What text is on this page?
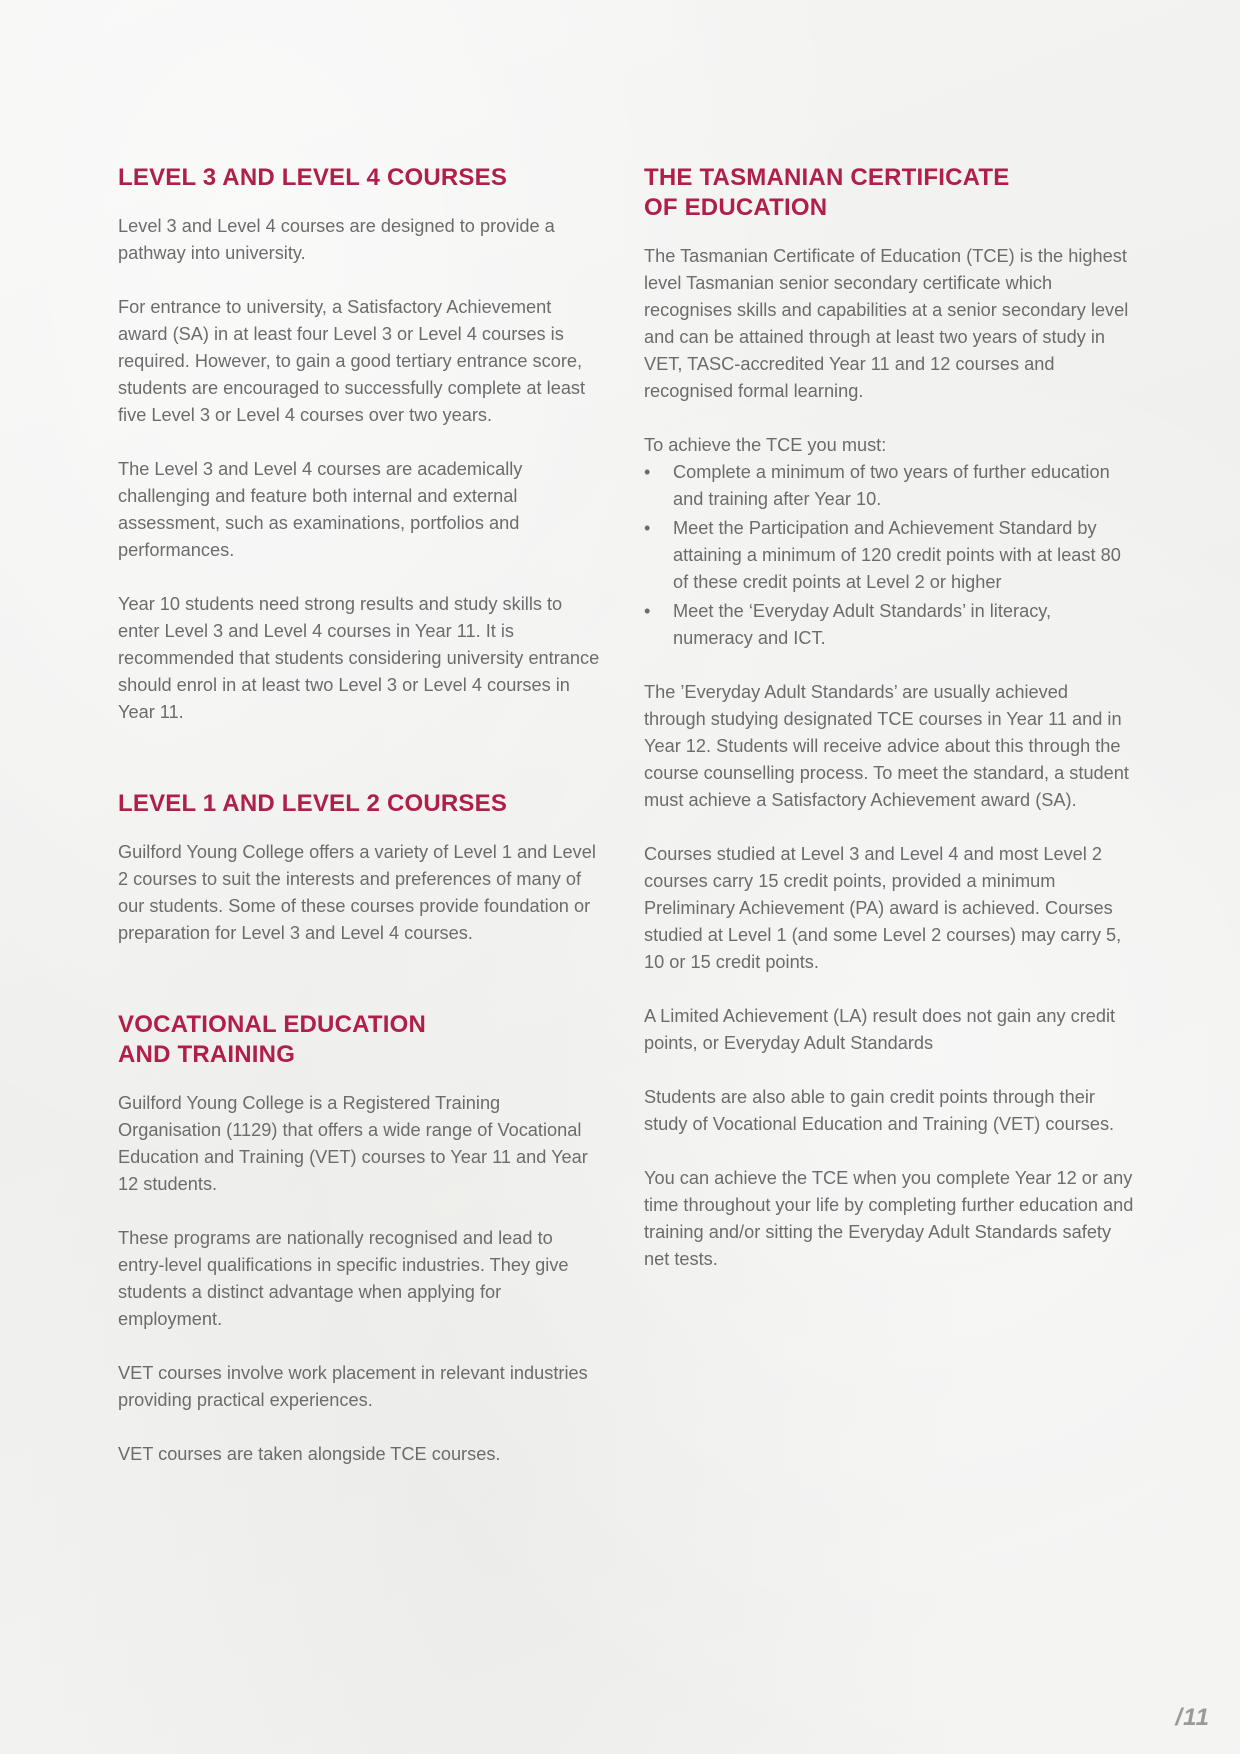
LEVEL 3 AND LEVEL 4 COURSES

Level 3 and Level 4 courses are designed to provide a pathway into university.

For entrance to university, a Satisfactory Achievement award (SA) in at least four Level 3 or Level 4 courses is required. However, to gain a good tertiary entrance score, students are encouraged to successfully complete at least five Level 3 or Level 4 courses over two years.

The Level 3 and Level 4 courses are academically challenging and feature both internal and external assessment, such as examinations, portfolios and performances.

Year 10 students need strong results and study skills to enter Level 3 and Level 4 courses in Year 11. It is recommended that students considering university entrance should enrol in at least two Level 3 or Level 4 courses in Year 11.

LEVEL 1 AND LEVEL 2 COURSES

Guilford Young College offers a variety of Level 1 and Level 2 courses to suit the interests and preferences of many of our students. Some of these courses provide foundation or preparation for Level 3 and Level 4 courses.

VOCATIONAL EDUCATION
AND TRAINING

Guilford Young College is a Registered Training Organisation (1129) that offers a wide range of Vocational Education and Training (VET) courses to Year 11 and Year 12 students.

These programs are nationally recognised and lead to entry-level qualifications in specific industries. They give students a distinct advantage when applying for employment.

VET courses involve work placement in relevant industries providing practical experiences.

VET courses are taken alongside TCE courses.

THE TASMANIAN CERTIFICATE
OF EDUCATION

The Tasmanian Certificate of Education (TCE) is the highest level Tasmanian senior secondary certificate which recognises skills and capabilities at a senior secondary level and can be attained through at least two years of study in VET, TASC-accredited Year 11 and 12 courses and recognised formal learning.

To achieve the TCE you must:

• Complete a minimum of two years of further education and training after Year 10.
• Meet the Participation and Achievement Standard by attaining a minimum of 120 credit points with at least 80 of these credit points at Level 2 or higher
• Meet the ‘Everyday Adult Standards’ in literacy, numeracy and ICT.

The ’Everyday Adult Standards’ are usually achieved through studying designated TCE courses in Year 11 and in Year 12. Students will receive advice about this through the course counselling process. To meet the standard, a student must achieve a Satisfactory Achievement award (SA).

Courses studied at Level 3 and Level 4 and most Level 2 courses carry 15 credit points, provided a minimum Preliminary Achievement (PA) award is achieved. Courses studied at Level 1 (and some Level 2 courses) may carry 5, 10 or 15 credit points.

A Limited Achievement (LA) result does not gain any credit points, or Everyday Adult Standards

Students are also able to gain credit points through their study of Vocational Education and Training (VET) courses.

You can achieve the TCE when you complete Year 12 or any time throughout your life by completing further education and training and/or sitting the Everyday Adult Standards safety net tests.

/11
